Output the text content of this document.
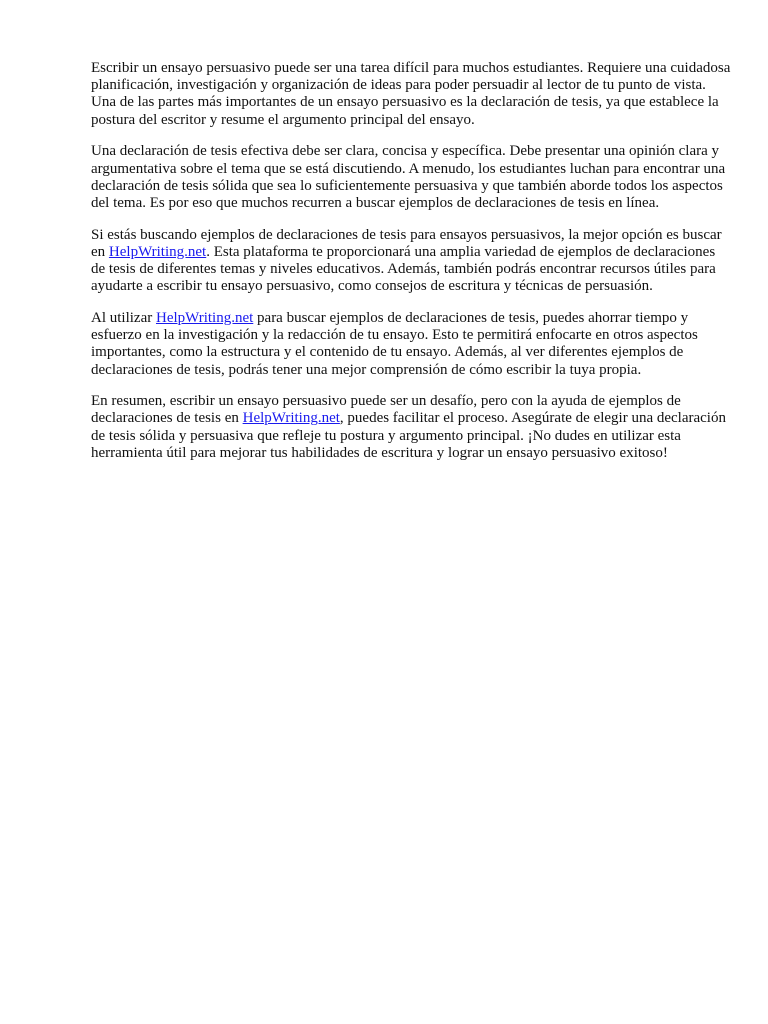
Escribir un ensayo persuasivo puede ser una tarea difícil para muchos estudiantes. Requiere una cuidadosa planificación, investigación y organización de ideas para poder persuadir al lector de tu punto de vista. Una de las partes más importantes de un ensayo persuasivo es la declaración de tesis, ya que establece la postura del escritor y resume el argumento principal del ensayo.

Una declaración de tesis efectiva debe ser clara, concisa y específica. Debe presentar una opinión clara y argumentativa sobre el tema que se está discutiendo. A menudo, los estudiantes luchan para encontrar una declaración de tesis sólida que sea lo suficientemente persuasiva y que también aborde todos los aspectos del tema. Es por eso que muchos recurren a buscar ejemplos de declaraciones de tesis en línea.

Si estás buscando ejemplos de declaraciones de tesis para ensayos persuasivos, la mejor opción es buscar en HelpWriting.net. Esta plataforma te proporcionará una amplia variedad de ejemplos de declaraciones de tesis de diferentes temas y niveles educativos. Además, también podrás encontrar recursos útiles para ayudarte a escribir tu ensayo persuasivo, como consejos de escritura y técnicas de persuasión.

Al utilizar HelpWriting.net para buscar ejemplos de declaraciones de tesis, puedes ahorrar tiempo y esfuerzo en la investigación y la redacción de tu ensayo. Esto te permitirá enfocarte en otros aspectos importantes, como la estructura y el contenido de tu ensayo. Además, al ver diferentes ejemplos de declaraciones de tesis, podrás tener una mejor comprensión de cómo escribir la tuya propia.

En resumen, escribir un ensayo persuasivo puede ser un desafío, pero con la ayuda de ejemplos de declaraciones de tesis en HelpWriting.net, puedes facilitar el proceso. Asegúrate de elegir una declaración de tesis sólida y persuasiva que refleje tu postura y argumento principal. ¡No dudes en utilizar esta herramienta útil para mejorar tus habilidades de escritura y lograr un ensayo persuasivo exitoso!
